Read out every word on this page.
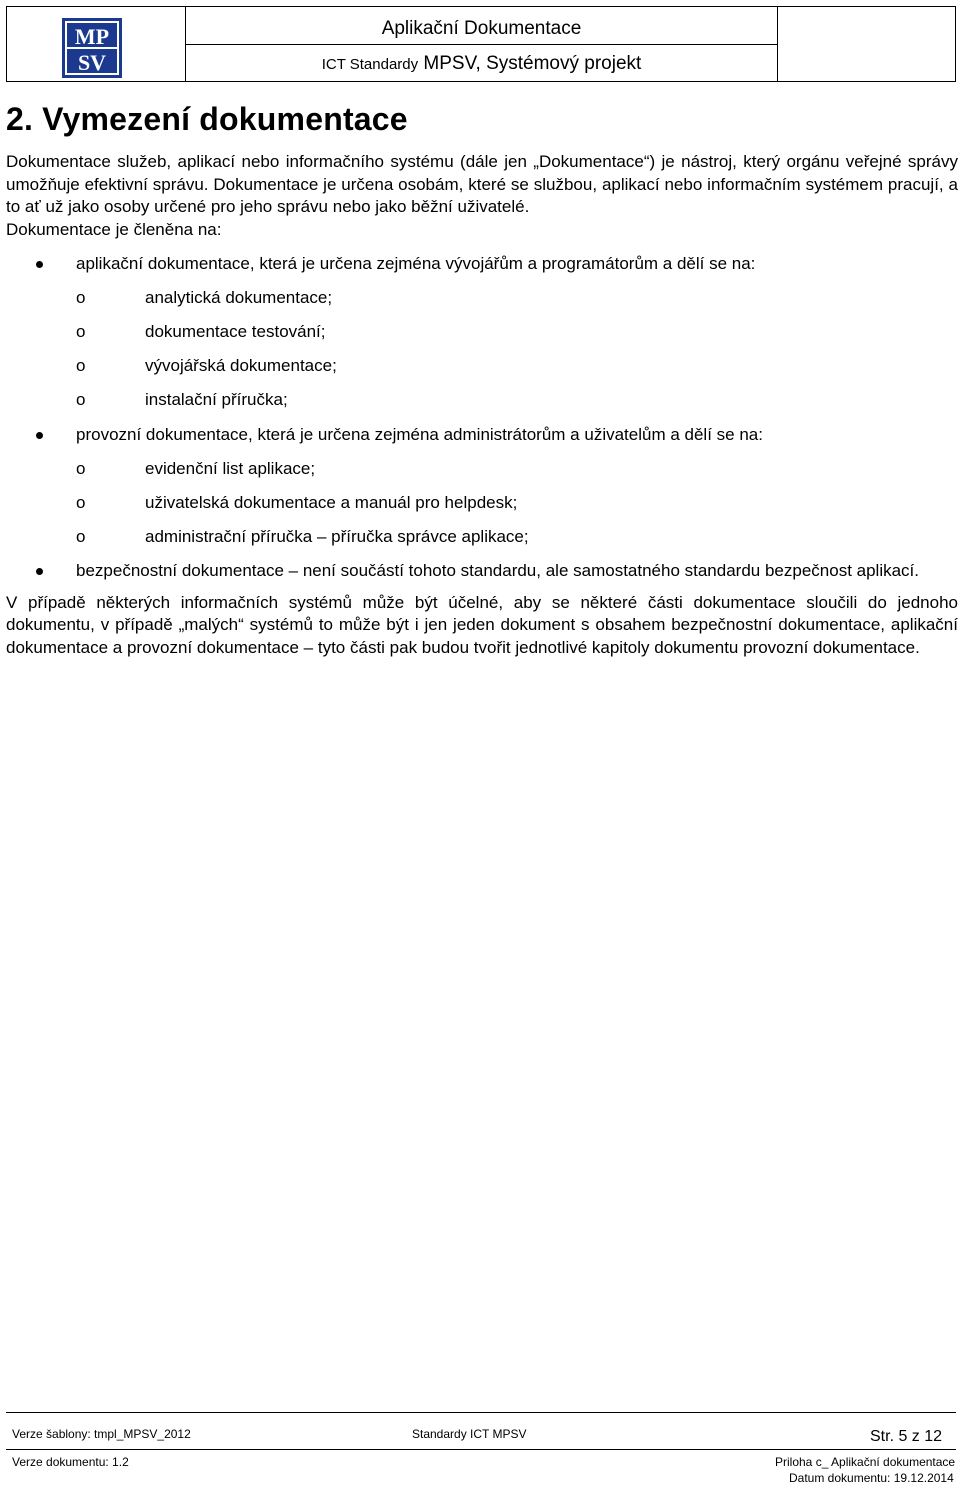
MP
SV
Aplikační Dokumentace
ICT Standardy MPSV, Systémový projekt
2. Vymezení dokumentace

Dokumentace služeb, aplikací nebo informačního systému (dále jen „Dokumentace“) je nástroj, který orgánu veřejné správy umožňuje efektivní správu. Dokumentace je určena osobám, které se službou, aplikací nebo informačním systémem pracují, a to ať už jako osoby určené pro jeho správu nebo jako běžní uživatelé.

Dokumentace je členěna na:

aplikační dokumentace, která je určena zejména vývojářům a programátorům a dělí se na:
o
analytická dokumentace;
o
dokumentace testování;
o
vývojářská dokumentace;
o
instalační příručka;
provozní dokumentace, která je určena zejména administrátorům a uživatelům a dělí se na:
o
evidenční list aplikace;
o
uživatelská dokumentace a manuál pro helpdesk;
o
administrační příručka – příručka správce aplikace;
bezpečnostní dokumentace – není součástí tohoto standardu, ale samostatného standardu bezpečnost aplikací.

V případě některých informačních systémů může být účelné, aby se některé části dokumentace sloučili do jednoho dokumentu, v případě „malých“ systémů to může být i jen jeden dokument s obsahem bezpečnostní dokumentace, aplikační dokumentace a provozní dokumentace – tyto části pak budou tvořit jednotlivé kapitoly dokumentu provozní dokumentace.

Verze šablony: tmpl_MPSV_2012	Standardy ICT MPSV	Str. 5 z 12
Verze dokumentu: 1.2	Priloha c_ Aplikační dokumentace
Datum dokumentu: 19.12.2014
